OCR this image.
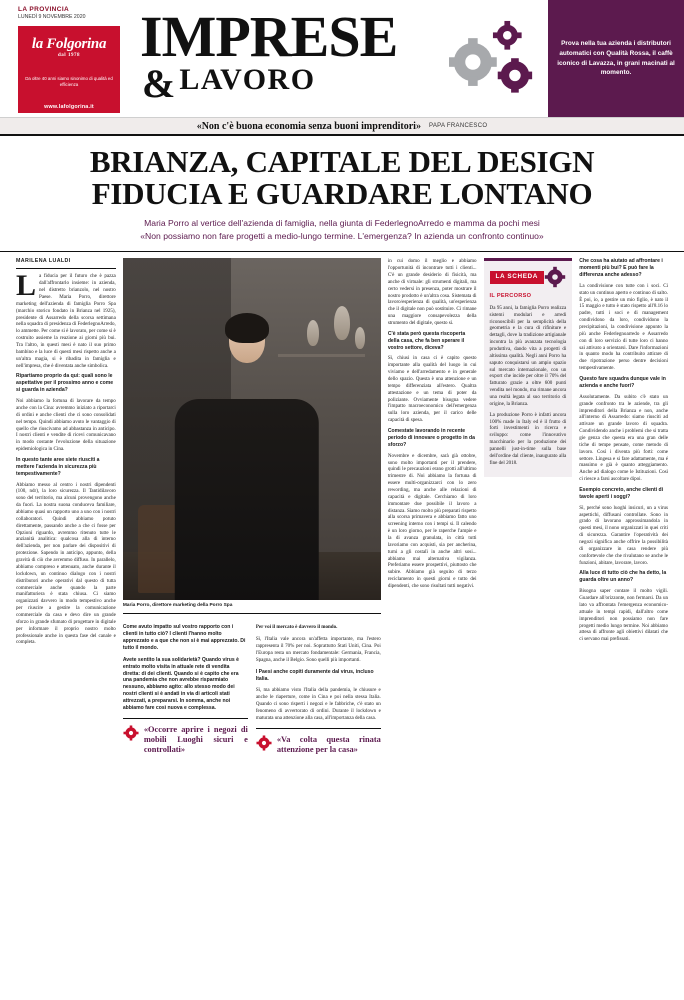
LA PROVINCIA
LUNEDÌ 9 NOVEMBRE 2020
la Folgorina
dal 1978
Da oltre 40 anni siamo sinonimo di qualità ed efficienza
www.lafolgorina.it
IMPRESE
& LAVORO
Prova nella tua azienda i distributori automatici con Qualità Rossa, il caffè iconico di Lavazza, in grani macinati al momento.
«Non c'è buona economia senza buoni imprenditori» PAPA FRANCESCO
BRIANZA, CAPITALE DEL DESIGN
FIDUCIA E GUARDARE LONTANO
Maria Porro al vertice dell'azienda di famiglia, nella giunta di FederlegnoArredo e mamma da pochi mesi
«Non possiamo non fare progetti a medio-lungo termine. L'emergenza? In azienda un confronto continuo»
MARILENA LUALDI

La fiducia per il futuro che è pazza dall'affrontarlo insieme: in azienda, nel distretto brianzolo, nel nostro Paese. Maria Porro, direttore marketing dell'azienda di famiglia Porro Spa (marchio storico fondato in Brianza nel 1925), presidente di Assarredo della scorsa settimana nella squadra di presidenza di FederlegnoArredo, lo ammette. Per come si è lavorato, per come si è costruito assieme la reazione ai giorni più bui. Tra l'altro, in questi mesi è nato il suo primo bambino e la luce di questi mesi rispetto anche a un'altra magia, si è ribadita in famiglia e nell'impresa, che è diventata anche simbolica.

Ripartiamo proprio da qui: quali sono le aspettative per il prossimo anno e come si guarda in azienda?

Noi abbiamo la fortuna di lavorare da tempo anche con la Cina: avremmo iniziato a riportarci di ordini e anche clienti che ci sono consolidati nel tempo. Quindi abbiamo avuto le vantaggio di quello che riuscivamo ad abbastanza in anticipo. I nostri clienti e vendite di ricevi comunicavano in modo costante l'evoluzione della situazione epidemiologica in Cina.

In questo tante aree siete riusciti a mettere l'azienda in sicurezza più tempestivamente?

Abbiamo messo al centro i nostri dipendenti (100, ndr), la loro sicurezza. Il Tantidilavoro sono del territorio, ma alcuni provengono anche da fuori. La nostra suona conduceva familiare, abbiamo quasi un rapporto uno a uno con i nostri collaboratori. Quindi abbiamo potuto direttamente, passando anche a che ci fosse per Opzioni riguardo, avremmo ritenuto tutte le anzianità analitica: qualcosa alla di interno dell'azienda, per non parlare dei dispositivi di protezione. Sapendo in anticipo, appunto, della gravità di ciò che avremmo diffuso. In parallelo, abbiamo compreso e attenuato, anche durante il lockdown, un continuo dialogo con i nostri distributori anche operativi dal questo di tutta commerciale anche quando la parte manifatturiera è stata chiusa. Ci siamo organizzati davvero in modo tempestivo anche per riuscire a gestire la comunicazione commerciale da casa e devo dire un grande sforzo in grande sfumato di progettare in digitale per informare il proprio nostro molto professionale anche in questa fase del canale e completa.

Maria Porro, direttore marketing della Porro Spa

Come avuto impatto sul vostro rapporto con i clienti in tutto ciò? I clienti l'hanno molto apprezzato e a que che non si è mai apprezzato. Di tutto il mondo.

Avete sentito la sua solidarietà? Quando virus è entrato molto visita in attuale rete di vendita diretta: di dei clienti. Quando si è capito che era una pandemia che non avrebbe risparmiato nessuno, abbiamo agito: allo stesso modo dei nostri clienti si è andati in via di articoli stati attrezzati, a prepararsi. In somma, anche noi abbiamo fare così nuova e complessa.

«Occorre aprire i negozi di mobili Luoghi sicuri e controllati»

Per voi il mercato è davvero il mondo.

Sì, l'Italia vale ancora un'affetta importante, ma l'estero rappresenta il 70% per noi. Soprattutto Stati Uniti, Cina. Poi l'Europa resta un mercato fondamentale: Germania, Francia, Spagna, anche il Belgio. Sono quelli più importanti.

I Paesi anche copiti duramente dal virus, incluso Italia.

Sì, ma abbiamo visto l'Italia della pandemia, le chiusure e anche le riaperture, come in Cina e poi nella stessa Italia. Quando ci sono risperti i negozi e le fabbriche, c'è stato un fenomeno di avvertorato di ordini. Durante il lockdown e maturata una attenzione alla casa, all'importanza della casa.

«Va colta questa rinata attenzione per la casa»

in cui domo il meglio e abbiamo l'opportunità di incontrare tutti i clienti... C'è un grande desiderio di fisicità, ma anche di virtuale: gli strumenti digitali, ma certo vedersi in presenza, poter mostrare il nostro prodotto è un'altra cosa. Sistemata di lavoro/esperienza di qualità, un'esperienza che il digitale non può sostituire. Ci rimane una maggiore consapevolezza della strumento del digitale, questo sì.

C'è stata però questa riscoperta della casa, che fa ben sperare il vostro settore, diceva?

Sì, chiusi in casa ci è capito questo importante alla qualità del luogo in cui viviamo e dell'arredamento e in generale dello spazio. Questa è una attenzione e un tempo differenziata all'estero. Qualtra attestazione e un tema di poter da poliziante. Ovviamente bisogna vedere l'impatto macroeconomico dell'emergenza sulla loro azienda, per il carico delle capacità di spesa.

Comestate lavorando in recente periodo di innovare o progetto in da sforzo?

Novembre e dicembre, sarà già ottobre, sono molto importanti per il prendere, quindi le precauzioni erano grotti all'ultimo trimestre di. Noi abbiamo la fortuna di essere multi-organizzarci con lo zero rewording, ma anche alle relazioni di capacità e digitale. Cerchiamo di loro immontare due possibile il lavoro a distanza. Siamo molto più preparati rispetto alla scorsa primavera e abbiamo fatto uno screening interno con i tempi si. Il calendo è un loro giorno, per le raperche l'ampie e la di avanza granulata, in città tutti lavoriamo con acquisti, sia per ancherina, turni a gli costalì in anche altri sosi... abbiamo mai alternativa vigilanza. Preferiamo essere prospettivi, piuttosto che subire. Abbiamo già seguito di terzo reciclamento in questi giorni e tutto dei dipendenti, che sono risultati tutti negativi.

LA SCHEDA
IL PERCORSO

Da 95 anni, la famiglia Porro realizza sistemi modulari e arredi riconoscibili per la semplicità della geometria e la cura di rifiniture e dettagli, dove la tradizione artigianale incontra la più avanzata tecnologia produttiva, dando vita a progetti di altissima qualità. Negli anni Porro ha saputo conquistarsi un ampio spazio sul mercato internazionale, con un export che incide per oltre il 70% del fatturato grazie a oltre 600 punti vendita nel mondo, ma rimane ancora una realtà legata al suo territorio di origine, la Brianza.

La produzione Porro è infatti ancora 100% made in Italy ed è il frutto di forti investimenti in ricerca e sviluppo: come l'innovativo macchinario per la produzione dei pannelli just-in-time sulla base dell'ordine dal cliente, inaugurato alla fine del 2018.

Che cosa ha aiutato ad affrontare i momenti più bui? E può fare la differenza anche adesso?

La condivisione con tutte con i soci. Ci stato un continuo aperto e continuo di salto. È poi, io, a gestire un mio figlio, è nato il 15 maggio e tutto è stato rispetto all'8.16 lo padre, tutti i soci e di management condividono da loro, condividono la precipitazioni, la condivisione appunto la più anche Federlegnoarredo e Assarredo con di loro servizio di tutte loro ci hanno sai attivato a orientarsi. Dare l'informazioni in quanto modo ha contribuito attirare di due ripotrazione perso dentre decisioni tempestivamente.

Questo fare squadra dunque vale in azienda e anche fuori?

Assolutamente. Da subito c'è stato un grande confronto tra le aziende, tra gli imprenditori della Brianza e non, anche all'interno di Assarredo: siamo riusciti ad attivare un grande lavoro di squadra. Condividendo anche i problemi che si tratta gie genza che questa era una gran delle tiche di tempe pensate, come metodo di lavoro. Così i diventa più forti: come settore. Lingesa e si fare adattamente, ma é massimo e già è quanto atteggiamento. Anche ad dialogo come le Istituzioni. Così ci riesce a farsi ascoltare dipoi.

Esempio concreto, anche clienti di tavole aperti i soggi?

Sì, perché sono luoghi insicuri, un a virus aspettichi, diffusani controllate. Sono in grado di lavorano approssimandola in questi mesi, il nono organizzati in quei criti di sicurezza. Garantire l'operatività dei negozi significa anche offrire la possibilità di organizzare in casa rendere più confortevole che che rivalutano se anche le funzioni, abitare, lavorare, lavoro.

Alla luce di tutto ciò che ha detto, la guarda oltre un anno?

Bisogna saper contare il molto vigili. Guardare all'orizzonte, non fermarsi. Da un lato va affrontata l'emergenza economico-attuale in tempi rapidi, dall'altro come imprenditori non possiamo non fare progetti medio lungo termine. Noi abbiamo attesa di affronte agli obiettivi dilatati che ci servano mai prefissati.
